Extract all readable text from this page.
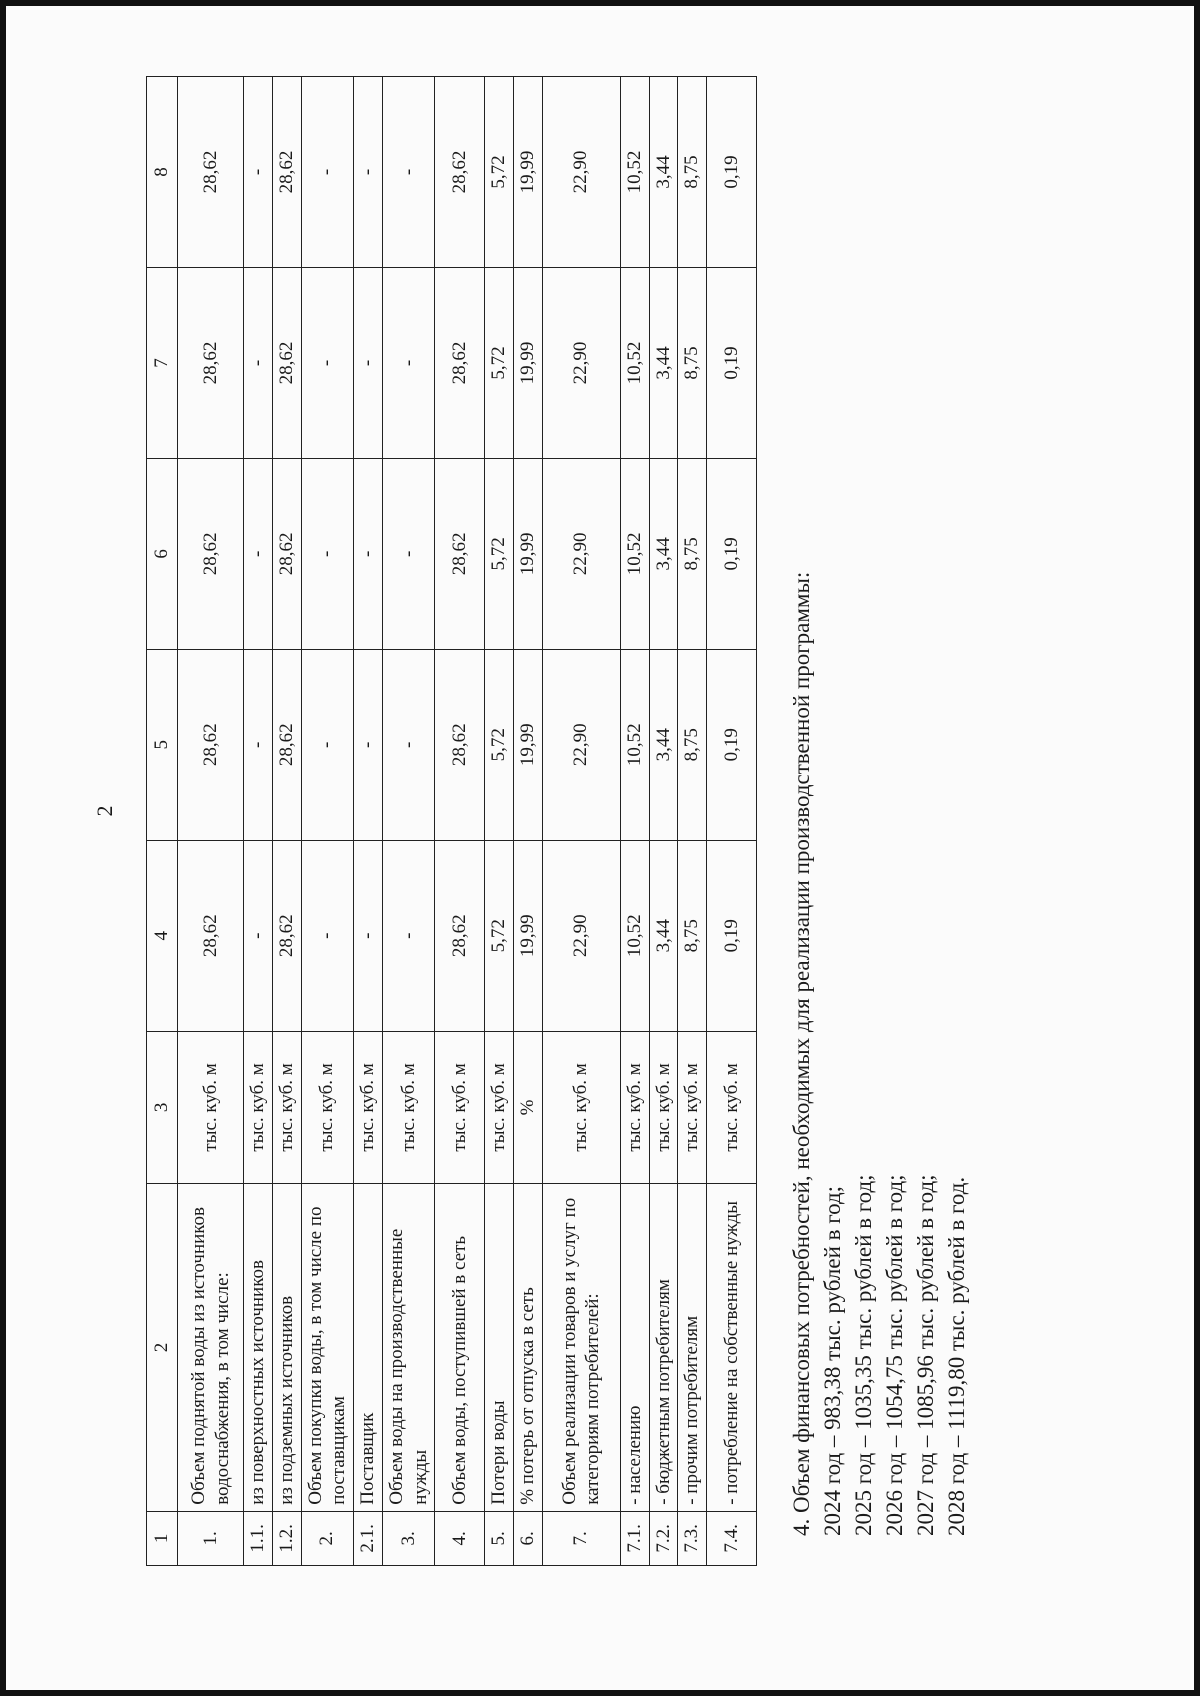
2
1	2	3	4	5	6	7	8
1.	Объем поднятой воды из источников водоснабжения, в том числе:	тыс. куб. м	28,62	28,62	28,62	28,62	28,62
1.1.	из поверхностных источников	тыс. куб. м	-	-	-	-	-
1.2.	из подземных источников	тыс. куб. м	28,62	28,62	28,62	28,62	28,62
2.	Объем покупки воды, в том числе по поставщикам	тыс. куб. м	-	-	-	-	-
2.1.	Поставщик	тыс. куб. м	-	-	-	-	-
3.	Объем воды на производственные нужды	тыс. куб. м	-	-	-	-	-
4.	Объем воды, поступившей в сеть	тыс. куб. м	28,62	28,62	28,62	28,62	28,62
5.	Потери воды	тыс. куб. м	5,72	5,72	5,72	5,72	5,72
6.	% потерь от отпуска в сеть	%	19,99	19,99	19,99	19,99	19,99
7.	Объем реализации товаров и услуг по категориям потребителей:	тыс. куб. м	22,90	22,90	22,90	22,90	22,90
7.1.	- населению	тыс. куб. м	10,52	10,52	10,52	10,52	10,52
7.2.	- бюджетным потребителям	тыс. куб. м	3,44	3,44	3,44	3,44	3,44
7.3.	- прочим потребителям	тыс. куб. м	8,75	8,75	8,75	8,75	8,75
7.4.	- потребление на собственные нужды	тыс. куб. м	0,19	0,19	0,19	0,19	0,19
4. Объем финансовых потребностей, необходимых для реализации производственной программы: 2024 год – 983,38 тыс. рублей в год; 2025 год – 1035,35 тыс. рублей в год; 2026 год – 1054,75 тыс. рублей в год; 2027 год – 1085,96 тыс. рублей в год; 2028 год – 1119,80 тыс. рублей в год.
